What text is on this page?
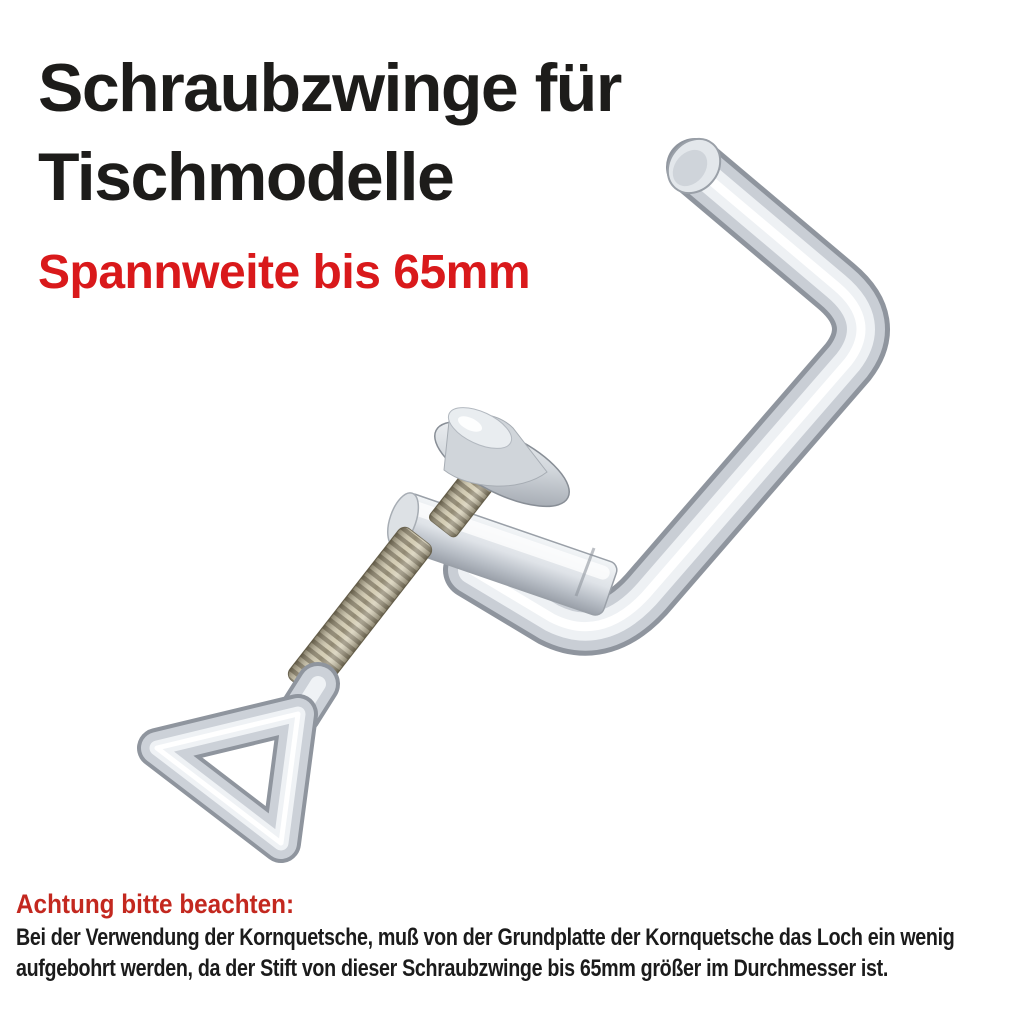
Schraubzwinge für
Tischmodelle
Spannweite bis 65mm
Achtung bitte beachten:
Bei der Verwendung der Kornquetsche, muß von der Grundplatte der Kornquetsche das Loch ein wenig
aufgebohrt werden, da der Stift von dieser Schraubzwinge bis 65mm größer im Durchmesser ist.
